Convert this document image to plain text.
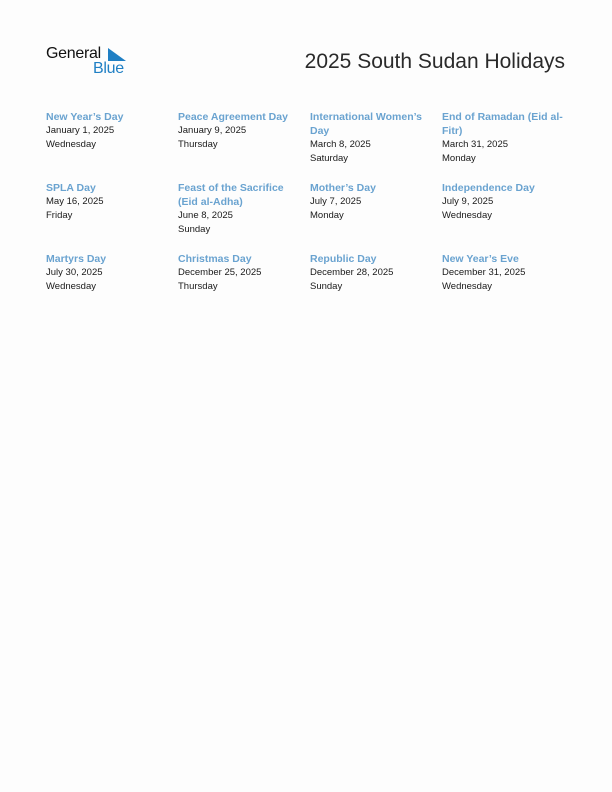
General
Blue	2025 South Sudan Holidays
New Year’s Day
January 1, 2025
Wednesday
Peace Agreement Day
January 9, 2025
Thursday
International Women’s Day
March 8, 2025
Saturday
End of Ramadan (Eid al-Fitr)
March 31, 2025
Monday
SPLA Day
May 16, 2025
Friday
Feast of the Sacrifice (Eid al-Adha)
June 8, 2025
Sunday
Mother’s Day
July 7, 2025
Monday
Independence Day
July 9, 2025
Wednesday
Martyrs Day
July 30, 2025
Wednesday
Christmas Day
December 25, 2025
Thursday
Republic Day
December 28, 2025
Sunday
New Year’s Eve
December 31, 2025
Wednesday
